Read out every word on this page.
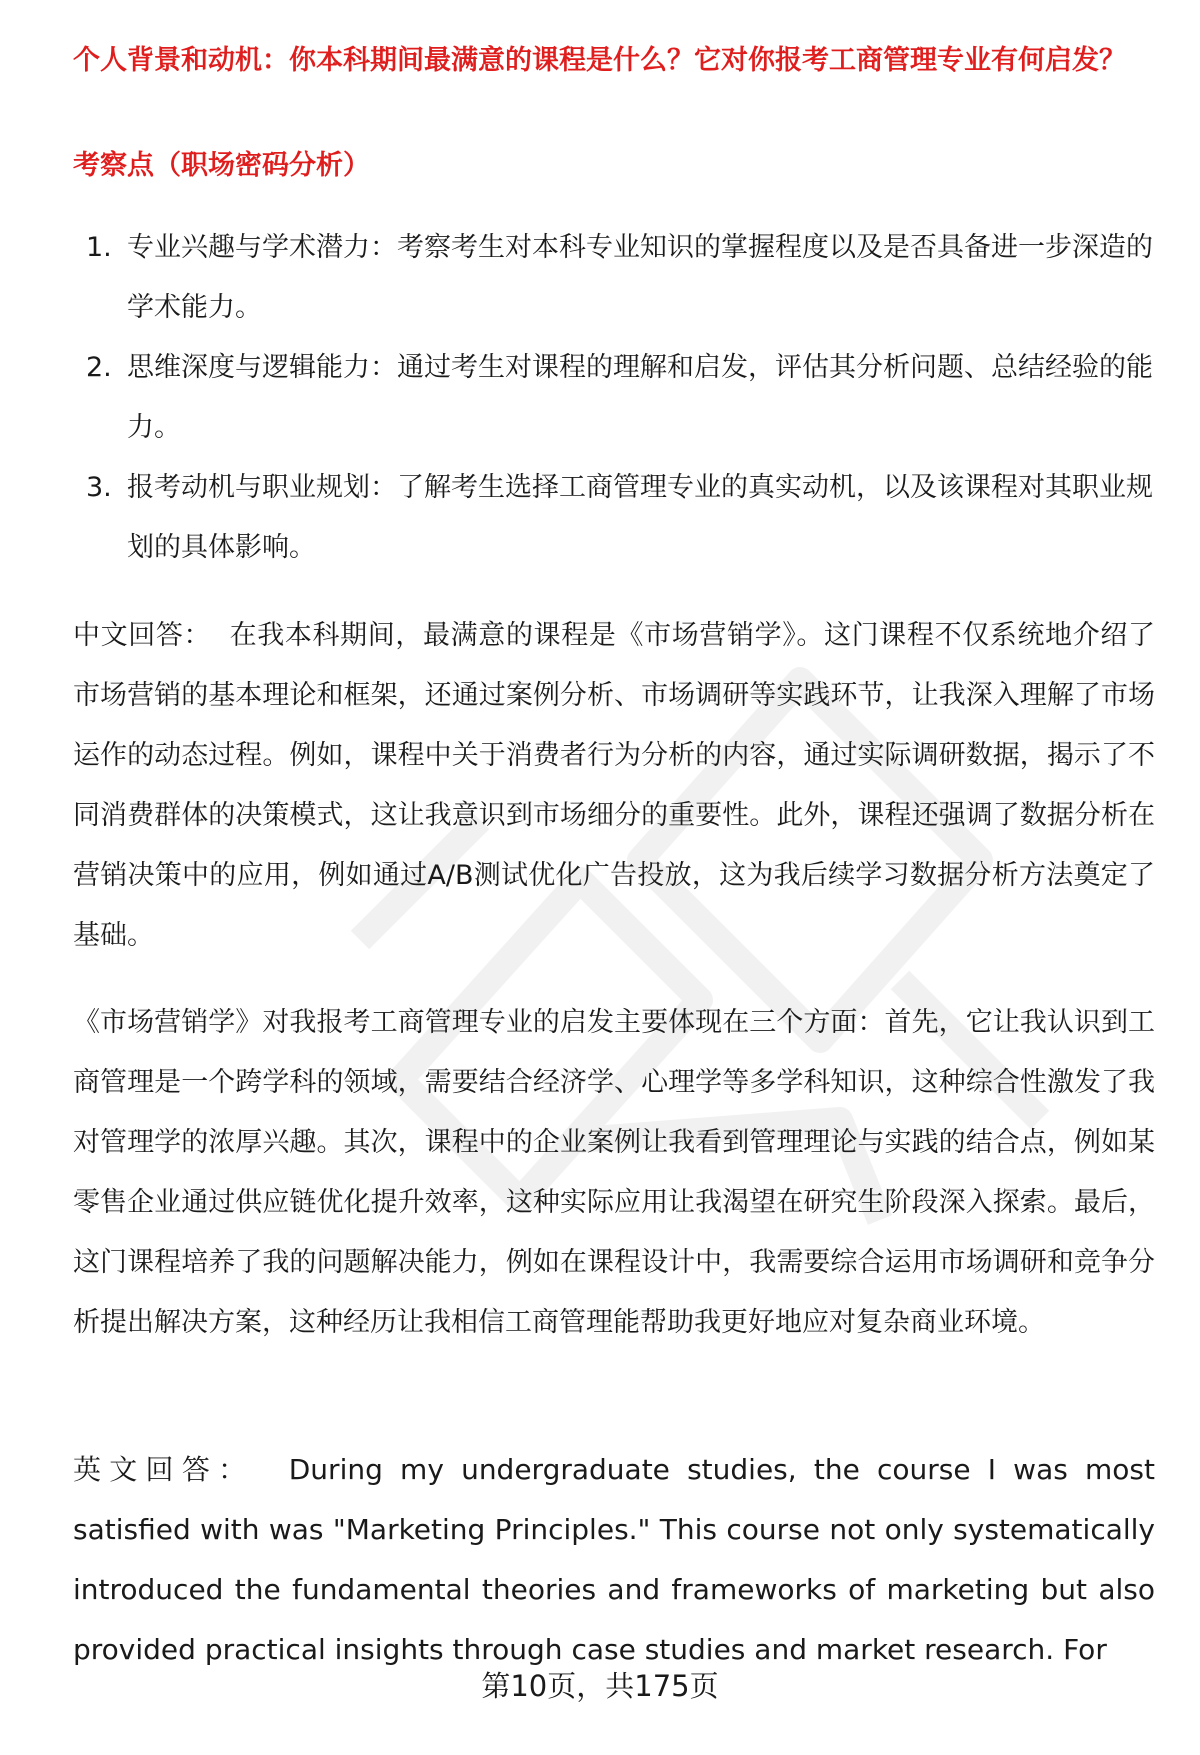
个人背景和动机：你本科期间最满意的课程是什么？它对你报考工商管理专业有何启发？
考察点（职场密码分析）
1. 专业兴趣与学术潜力：考察考生对本科专业知识的掌握程度以及是否具备进一步深造的学术能力。
2. 思维深度与逻辑能力：通过考生对课程的理解和启发，评估其分析问题、总结经验的能力。
3. 报考动机与职业规划：了解考生选择工商管理专业的真实动机，以及该课程对其职业规划的具体影响。

中文回答： 在我本科期间，最满意的课程是《市场营销学》。这门课程不仅系统地介绍了市场营销的基本理论和框架，还通过案例分析、市场调研等实践环节，让我深入理解了市场运作的动态过程。例如，课程中关于消费者行为分析的内容，通过实际调研数据，揭示了不同消费群体的决策模式，这让我意识到市场细分的重要性。此外，课程还强调了数据分析在营销决策中的应用，例如通过A/B测试优化广告投放，这为我后续学习数据分析方法奠定了基础。

《市场营销学》对我报考工商管理专业的启发主要体现在三个方面：首先，它让我认识到工商管理是一个跨学科的领域，需要结合经济学、心理学等多学科知识，这种综合性激发了我对管理学的浓厚兴趣。其次，课程中的企业案例让我看到管理理论与实践的结合点，例如某零售企业通过供应链优化提升效率，这种实际应用让我渴望在研究生阶段深入探索。最后，这门课程培养了我的问题解决能力，例如在课程设计中，我需要综合运用市场调研和竞争分析提出解决方案，这种经历让我相信工商管理能帮助我更好地应对复杂商业环境。

英文回答： During my undergraduate studies, the course I was most satisfied with was "Marketing Principles." This course not only systematically introduced the fundamental theories and frameworks of marketing but also provided practical insights through case studies and market research. For

第10页，共175页
